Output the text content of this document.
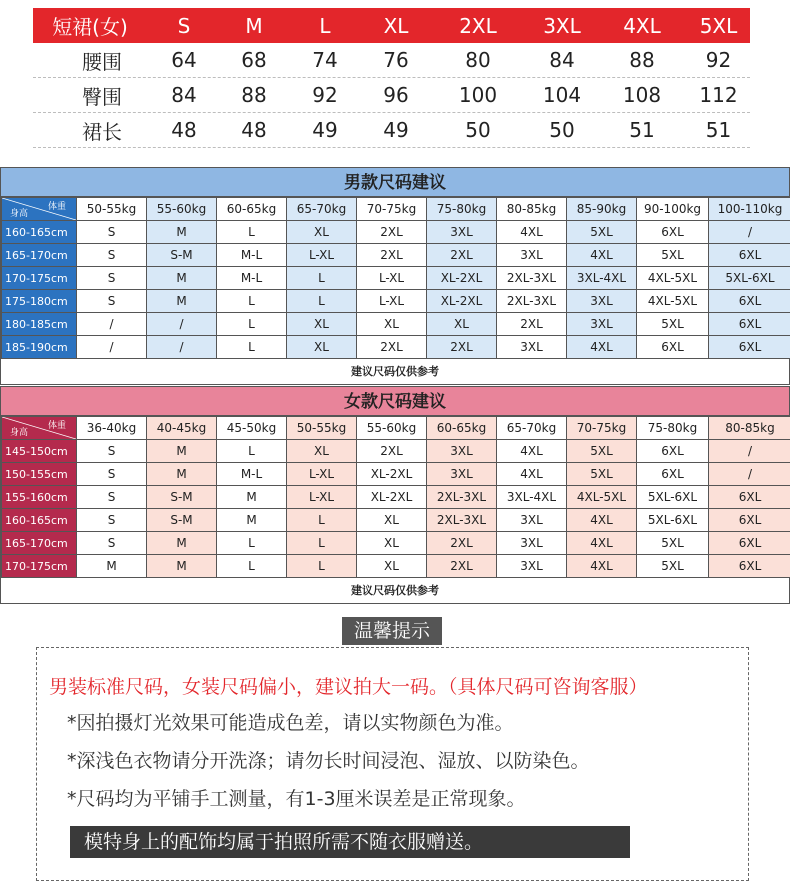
短裙(女)	S	M	L	XL	2XL	3XL	4XL	5XL
腰围	64	68	74	76	80	84	88	92
臀围	84	88	92	96	100	104	108	112
裙长	48	48	49	49	50	50	51	51
男款尺码建议
体重
身高	50-55kg	55-60kg	60-65kg	65-70kg	70-75kg	75-80kg	80-85kg	85-90kg	90-100kg	100-110kg
160-165cm	S	M	L	XL	2XL	3XL	4XL	5XL	6XL	/
165-170cm	S	S-M	M-L	L-XL	2XL	2XL	3XL	4XL	5XL	6XL
170-175cm	S	M	M-L	L	L-XL	XL-2XL	2XL-3XL	3XL-4XL	4XL-5XL	5XL-6XL
175-180cm	S	M	L	L	L-XL	XL-2XL	2XL-3XL	3XL	4XL-5XL	6XL
180-185cm	/	/	L	XL	XL	XL	2XL	3XL	5XL	6XL
185-190cm	/	/	L	XL	2XL	2XL	3XL	4XL	6XL	6XL
建议尺码仅供参考
女款尺码建议
体重
身高	36-40kg	40-45kg	45-50kg	50-55kg	55-60kg	60-65kg	65-70kg	70-75kg	75-80kg	80-85kg
145-150cm	S	M	L	XL	2XL	3XL	4XL	5XL	6XL	/
150-155cm	S	M	M-L	L-XL	XL-2XL	3XL	4XL	5XL	6XL	/
155-160cm	S	S-M	M	L-XL	XL-2XL	2XL-3XL	3XL-4XL	4XL-5XL	5XL-6XL	6XL
160-165cm	S	S-M	M	L	XL	2XL-3XL	3XL	4XL	5XL-6XL	6XL
165-170cm	S	M	L	L	XL	2XL	3XL	4XL	5XL	6XL
170-175cm	M	M	L	L	XL	2XL	3XL	4XL	5XL	6XL
建议尺码仅供参考
温馨提示
男装标准尺码，女装尺码偏小，建议拍大一码。（具体尺码可咨询客服）
*因拍摄灯光效果可能造成色差，请以实物颜色为准。
*深浅色衣物请分开洗涤；请勿长时间浸泡、湿放、以防染色。
*尺码均为平铺手工测量，有1-3厘米误差是正常现象。
模特身上的配饰均属于拍照所需不随衣服赠送。
